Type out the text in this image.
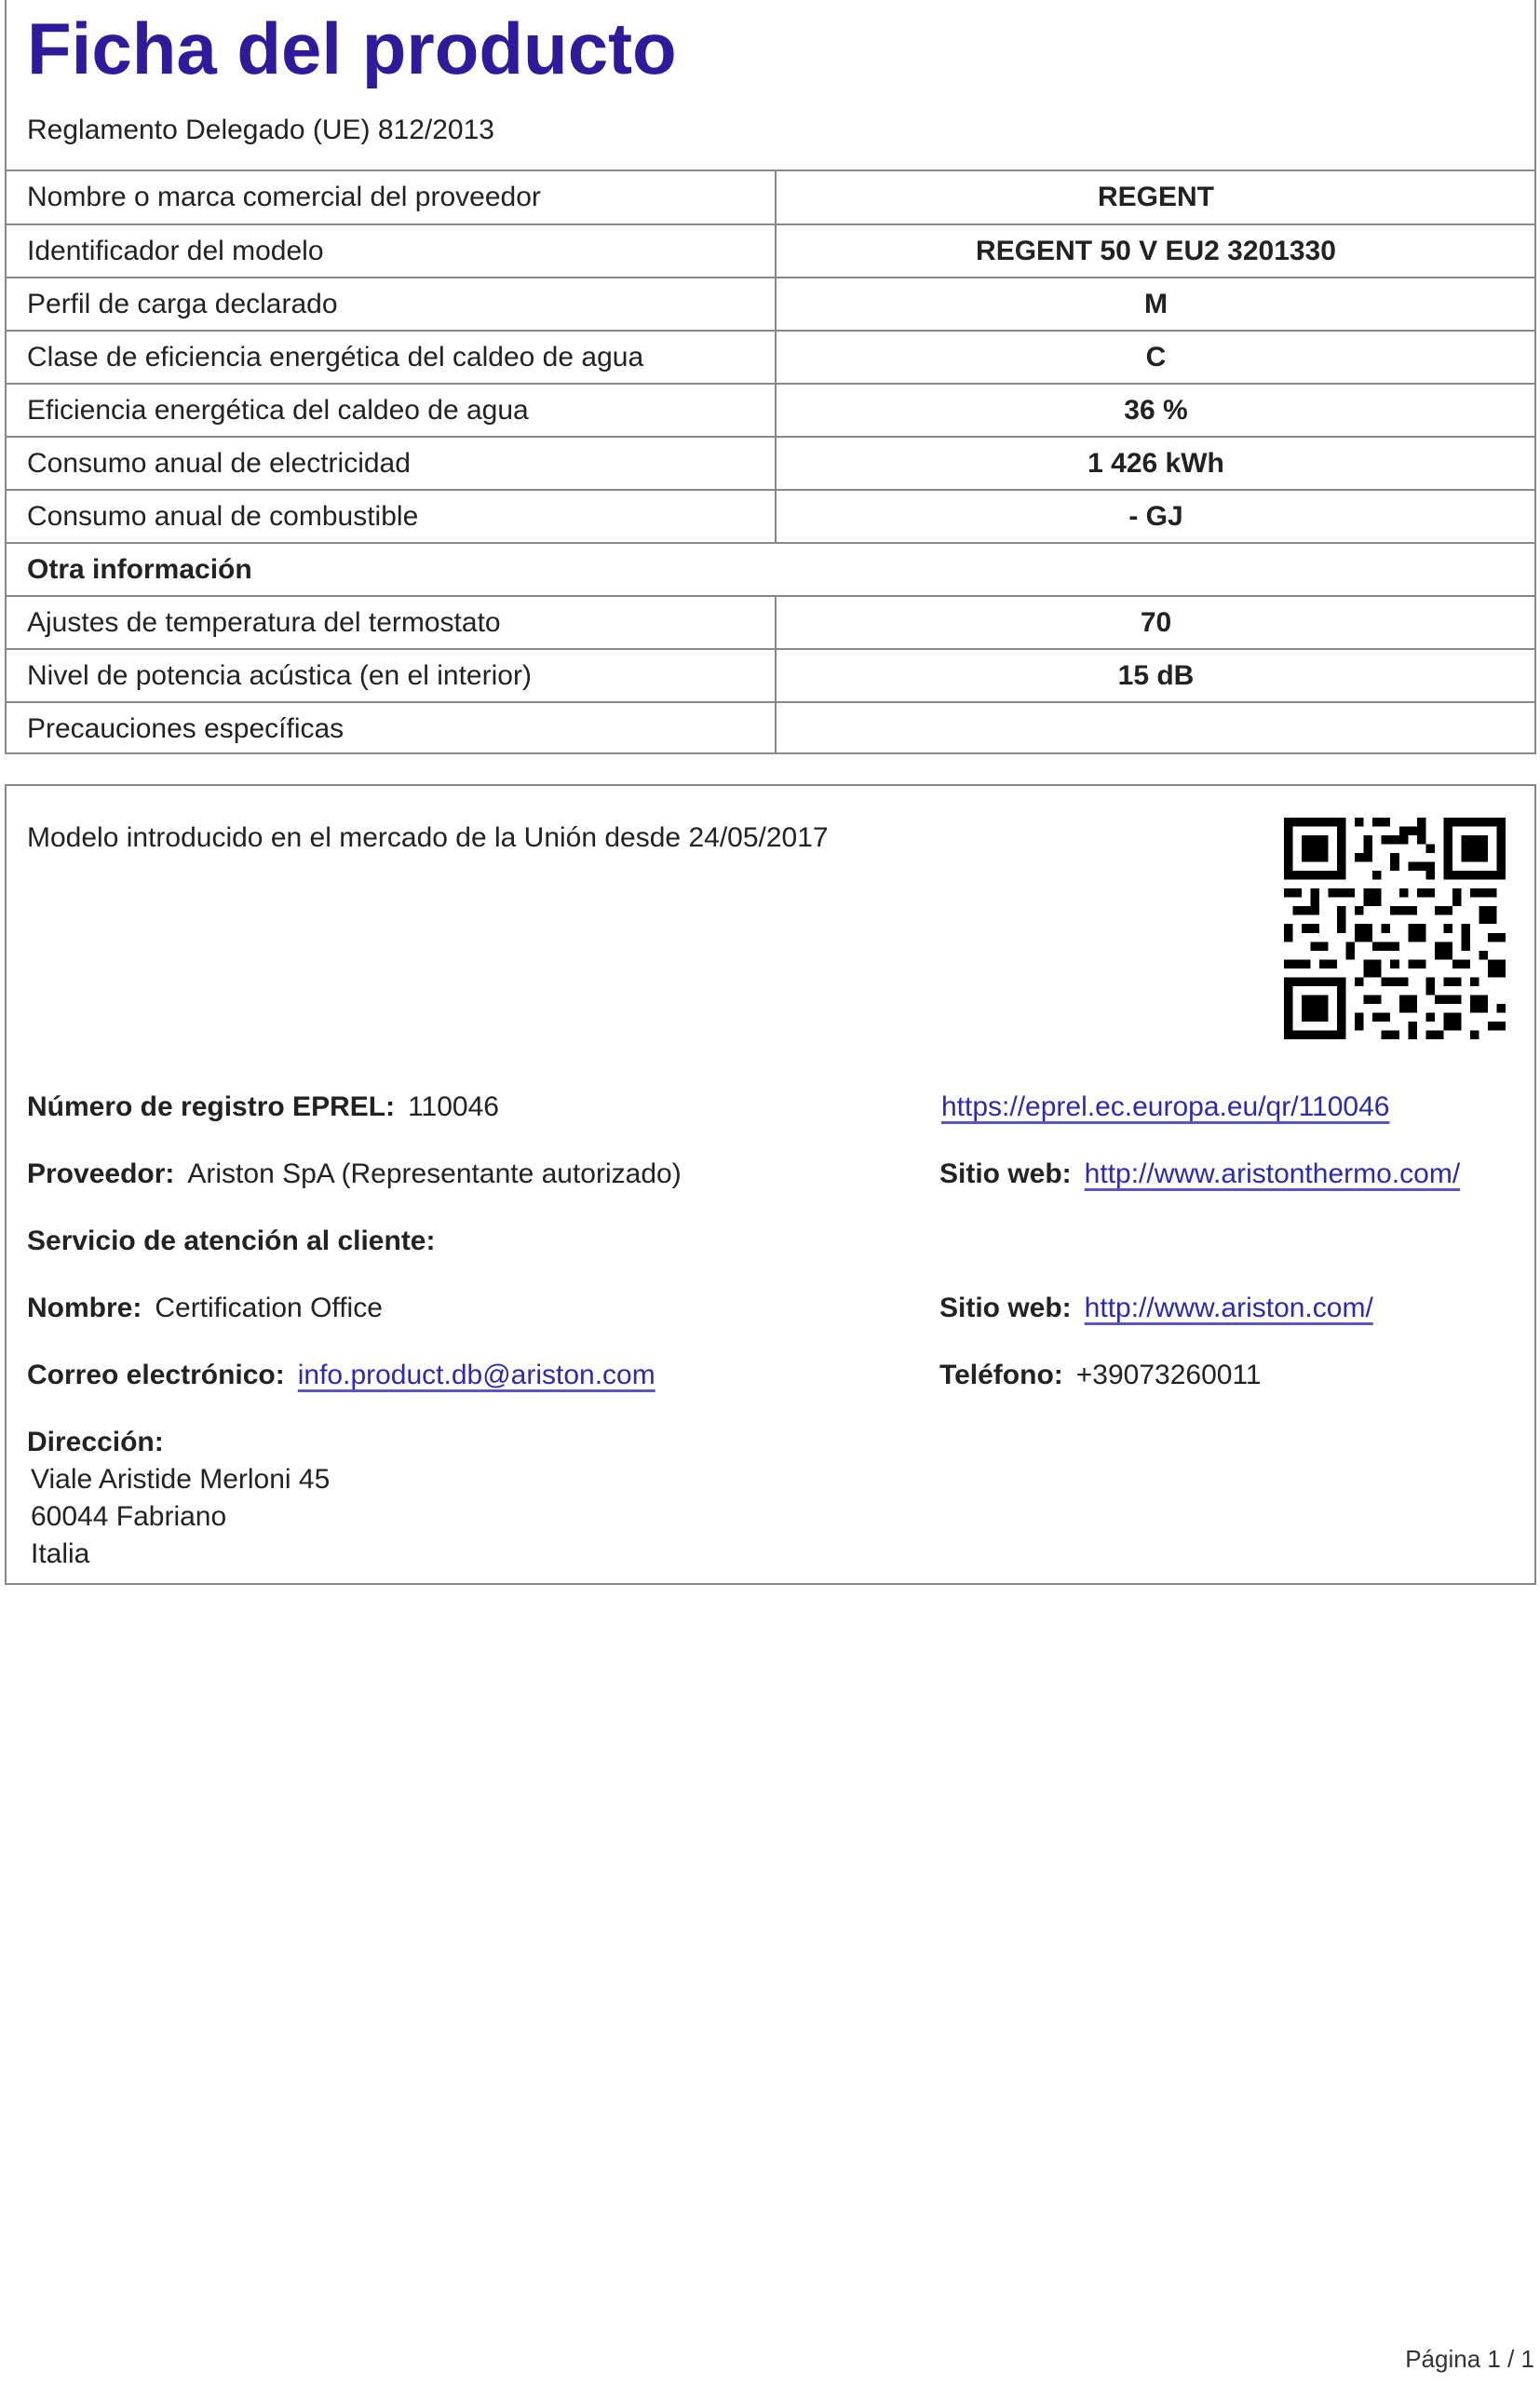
Ficha del producto
Reglamento Delegado (UE) 812/2013
Nombre o marca comercial del proveedor	REGENT
Identificador del modelo	REGENT 50 V EU2 3201330
Perfil de carga declarado	M
Clase de eficiencia energética del caldeo de agua	C
Eficiencia energética del caldeo de agua	36 %
Consumo anual de electricidad	1 426 kWh
Consumo anual de combustible	- GJ
Otra información
Ajustes de temperatura del termostato	70
Nivel de potencia acústica (en el interior)	15 dB
Precauciones específicas
Modelo introducido en el mercado de la Unión desde 24/05/2017
Número de registro EPREL: 110046	https://eprel.ec.europa.eu/qr/110046
Proveedor: Ariston SpA (Representante autorizado)	Sitio web: http://www.aristonthermo.com/
Servicio de atención al cliente:
Nombre: Certification Office	Sitio web: http://www.ariston.com/
Correo electrónico: info.product.db@ariston.com	Teléfono: +39073260011
Dirección:
Viale Aristide Merloni 45
60044 Fabriano
Italia
Página 1 / 1
